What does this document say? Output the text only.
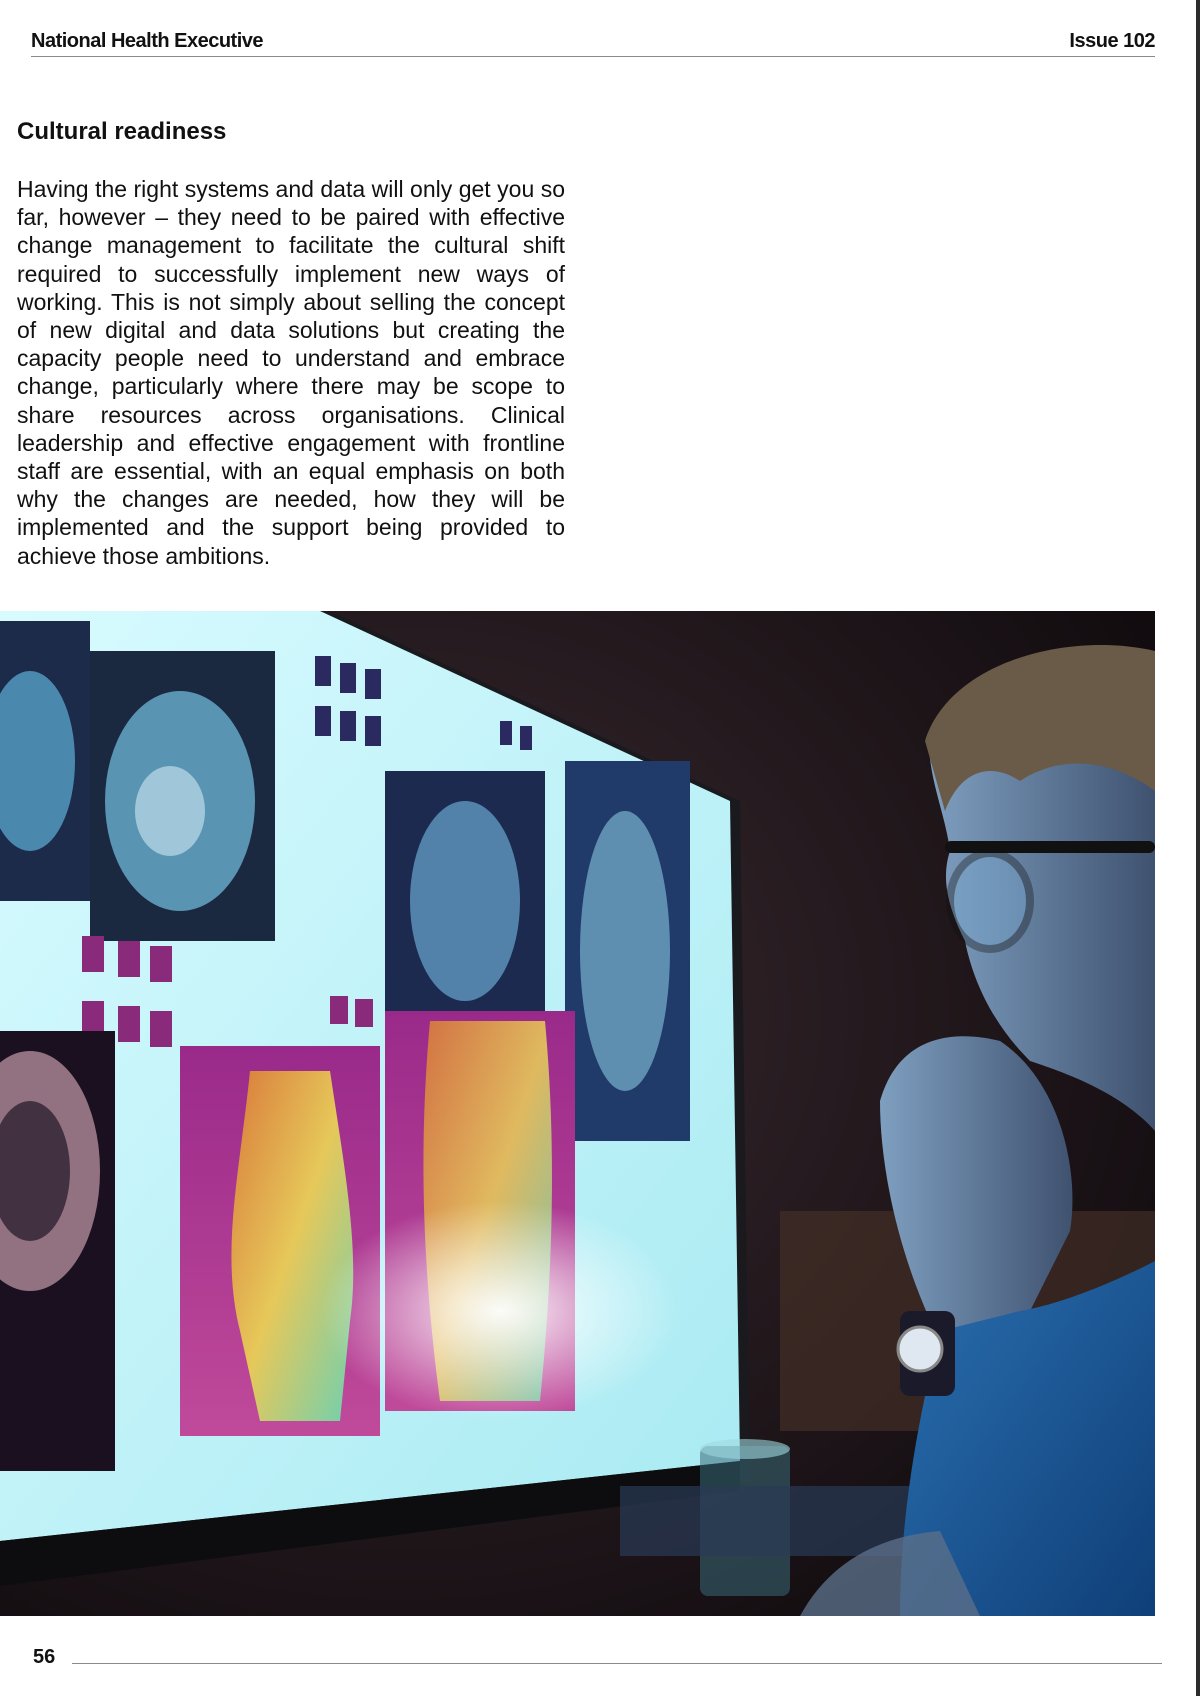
National Health Executive	Issue 102
Cultural readiness

Having the right systems and data will only get you so far, however – they need to be paired with effective change management to facilitate the cultural shift required to successfully implement new ways of working. This is not simply about selling the concept of new digital and data solutions but creating the capacity people need to understand and embrace change, particularly where there may be scope to share resources across organisations. Clinical leadership and effective engagement with frontline staff are essential, with an equal emphasis on both why the changes are needed, how they will be implemented and the support being provided to achieve those ambitions.

56
